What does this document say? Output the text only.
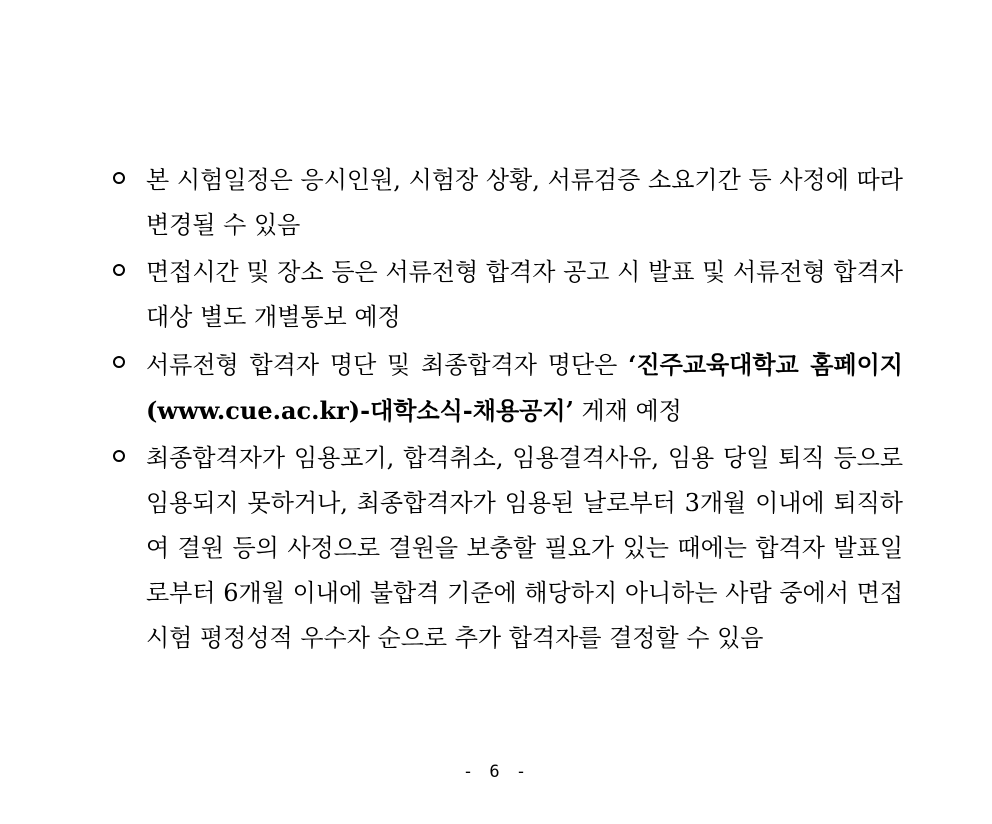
본 시험일정은 응시인원, 시험장 상황, 서류검증 소요기간 등 사정에 따라 변경될 수 있음

면접시간 및 장소 등은 서류전형 합격자 공고 시 발표 및 서류전형 합격자 대상 별도 개별통보 예정

서류전형 합격자 명단 및 최종합격자 명단은 ‘진주교육대학교 홈페이지 (www.cue.ac.kr)-대학소식-채용공지’ 게재 예정

최종합격자가 임용포기, 합격취소, 임용결격사유, 임용 당일 퇴직 등으로 임용되지 못하거나, 최종합격자가 임용된 날로부터 3개월 이내에 퇴직하여 결원 등의 사정으로 결원을 보충할 필요가 있는 때에는 합격자 발표일로부터 6개월 이내에 불합격 기준에 해당하지 아니하는 사람 중에서 면접시험 평정성적 우수자 순으로 추가 합격자를 결정할 수 있음

- 6 -
